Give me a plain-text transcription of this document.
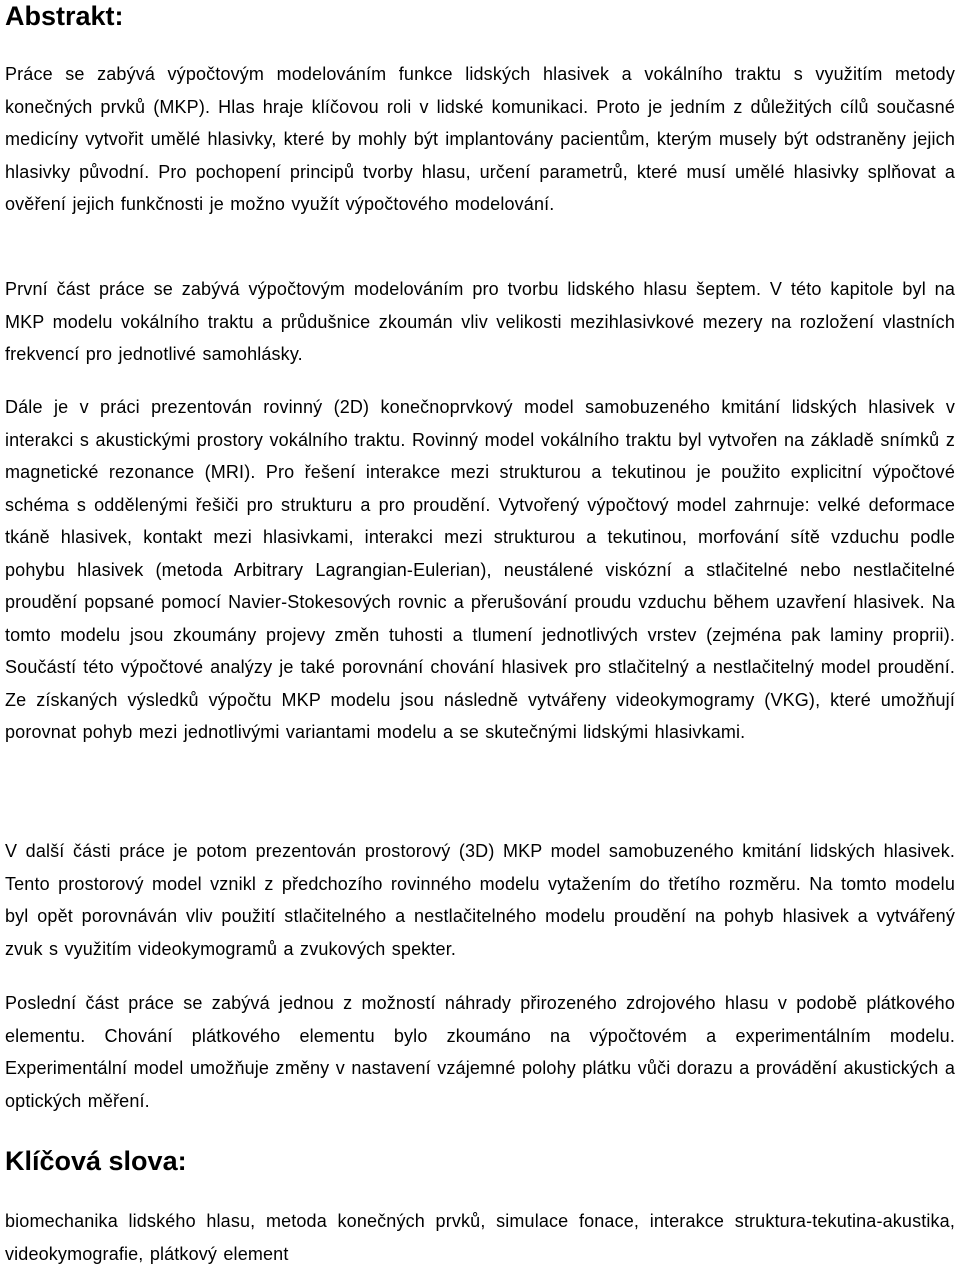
Abstrakt:

Práce se zabývá výpočtovým modelováním funkce lidských hlasivek a vokálního traktu s využitím metody konečných prvků (MKP). Hlas hraje klíčovou roli v lidské komunikaci. Proto je jedním z důležitých cílů současné medicíny vytvořit umělé hlasivky, které by mohly být implantovány pacientům, kterým musely být odstraněny jejich hlasivky původní. Pro pochopení principů tvorby hlasu, určení parametrů, které musí umělé hlasivky splňovat a ověření jejich funkčnosti je možno využít výpočtového modelování.

První část práce se zabývá výpočtovým modelováním pro tvorbu lidského hlasu šeptem. V této kapitole byl na MKP modelu vokálního traktu a průdušnice zkoumán vliv velikosti mezihlasivkové mezery na rozložení vlastních frekvencí pro jednotlivé samohlásky.

Dále je v práci prezentován rovinný (2D) konečnoprvkový model samobuzeného kmitání lidských hlasivek v interakci s akustickými prostory vokálního traktu. Rovinný model vokálního traktu byl vytvořen na základě snímků z magnetické rezonance (MRI). Pro řešení interakce mezi strukturou a tekutinou je použito explicitní výpočtové schéma s oddělenými řešiči pro strukturu a pro proudění. Vytvořený výpočtový model zahrnuje: velké deformace tkáně hlasivek, kontakt mezi hlasivkami, interakci mezi strukturou a tekutinou, morfování sítě vzduchu podle pohybu hlasivek (metoda Arbitrary Lagrangian-Eulerian), neustálené viskózní a stlačitelné nebo nestlačitelné proudění popsané pomocí Navier-Stokesových rovnic a přerušování proudu vzduchu během uzavření hlasivek. Na tomto modelu jsou zkoumány projevy změn tuhosti a tlumení jednotlivých vrstev (zejména pak laminy proprii). Součástí této výpočtové analýzy je také porovnání chování hlasivek pro stlačitelný a nestlačitelný model proudění. Ze získaných výsledků výpočtu MKP modelu jsou následně vytvářeny videokymogramy (VKG), které umožňují porovnat pohyb mezi jednotlivými variantami modelu a se skutečnými lidskými hlasivkami.

V další části práce je potom prezentován prostorový (3D) MKP model samobuzeného kmitání lidských hlasivek. Tento prostorový model vznikl z předchozího rovinného modelu vytažením do třetího rozměru. Na tomto modelu byl opět porovnáván vliv použití stlačitelného a nestlačitelného modelu proudění na pohyb hlasivek a vytvářený zvuk s využitím videokymogramů a zvukových spekter.

Poslední část práce se zabývá jednou z možností náhrady přirozeného zdrojového hlasu v podobě plátkového elementu. Chování plátkového elementu bylo zkoumáno na výpočtovém a experimentálním modelu. Experimentální model umožňuje změny v nastavení vzájemné polohy plátku vůči dorazu a provádění akustických a optických měření.

Klíčová slova:

biomechanika lidského hlasu, metoda konečných prvků, simulace fonace, interakce struktura-tekutina-akustika, videokymografie, plátkový element
